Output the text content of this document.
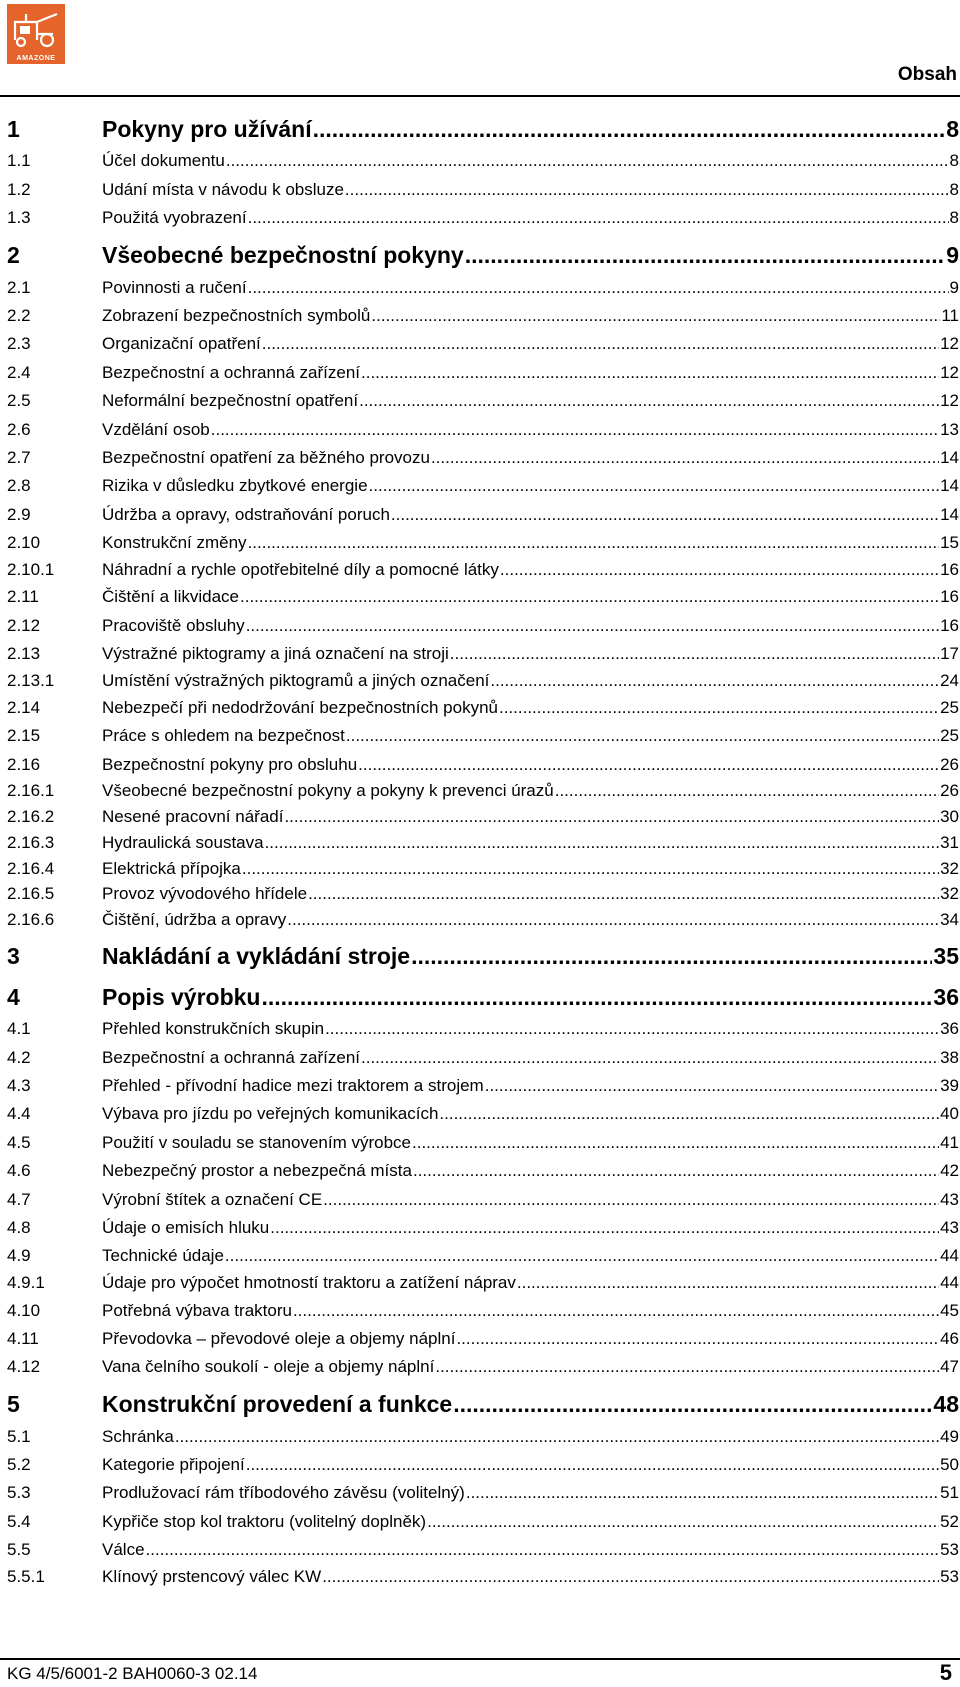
AMAZONE
Obsah
1	Pokyny pro užívání .....	8
1.1	Účel dokumentu .....	8
1.2	Udání místa v návodu k obsluze .....	8
1.3	Použitá vyobrazení .....	8
2	Všeobecné bezpečnostní pokyny .....	9
2.1	Povinnosti a ručení .....	9
2.2	Zobrazení bezpečnostních symbolů .....	11
2.3	Organizační opatření .....	12
2.4	Bezpečnostní a ochranná zařízení .....	12
2.5	Neformální bezpečnostní opatření .....	12
2.6	Vzdělání osob .....	13
2.7	Bezpečnostní opatření za běžného provozu .....	14
2.8	Rizika v důsledku zbytkové energie .....	14
2.9	Údržba a opravy, odstraňování poruch .....	14
2.10	Konstrukční změny .....	15
2.10.1	Náhradní a rychle opotřebitelné díly a pomocné látky .....	16
2.11	Čištění a likvidace .....	16
2.12	Pracoviště obsluhy .....	16
2.13	Výstražné piktogramy a jiná označení na stroji .....	17
2.13.1	Umístění výstražných piktogramů a jiných označení .....	24
2.14	Nebezpečí při nedodržování bezpečnostních pokynů .....	25
2.15	Práce s ohledem na bezpečnost .....	25
2.16	Bezpečnostní pokyny pro obsluhu .....	26
2.16.1	Všeobecné bezpečnostní pokyny a pokyny k prevenci úrazů .....	26
2.16.2	Nesené pracovní nářadí .....	30
2.16.3	Hydraulická soustava .....	31
2.16.4	Elektrická přípojka .....	32
2.16.5	Provoz vývodového hřídele .....	32
2.16.6	Čištění, údržba a opravy .....	34
3	Nakládání a vykládání stroje .....	35
4	Popis výrobku .....	36
4.1	Přehled konstrukčních skupin .....	36
4.2	Bezpečnostní a ochranná zařízení .....	38
4.3	Přehled - přívodní hadice mezi traktorem a strojem .....	39
4.4	Výbava pro jízdu po veřejných komunikacích .....	40
4.5	Použití v souladu se stanovením výrobce .....	41
4.6	Nebezpečný prostor a nebezpečná místa .....	42
4.7	Výrobní štítek a označení CE .....	43
4.8	Údaje o emisích hluku .....	43
4.9	Technické údaje .....	44
4.9.1	Údaje pro výpočet hmotností traktoru a zatížení náprav .....	44
4.10	Potřebná výbava traktoru .....	45
4.11	Převodovka – převodové oleje a objemy náplní .....	46
4.12	Vana čelního soukolí - oleje a objemy náplní .....	47
5	Konstrukční provedení a funkce .....	48
5.1	Schránka .....	49
5.2	Kategorie připojení .....	50
5.3	Prodlužovací rám tříbodového závěsu (volitelný) .....	51
5.4	Kypřiče stop kol traktoru (volitelný doplněk) .....	52
5.5	Válce .....	53
5.5.1	Klínový prstencový válec KW .....	53
KG 4/5/6001-2 BAH0060-3 02.14	5
